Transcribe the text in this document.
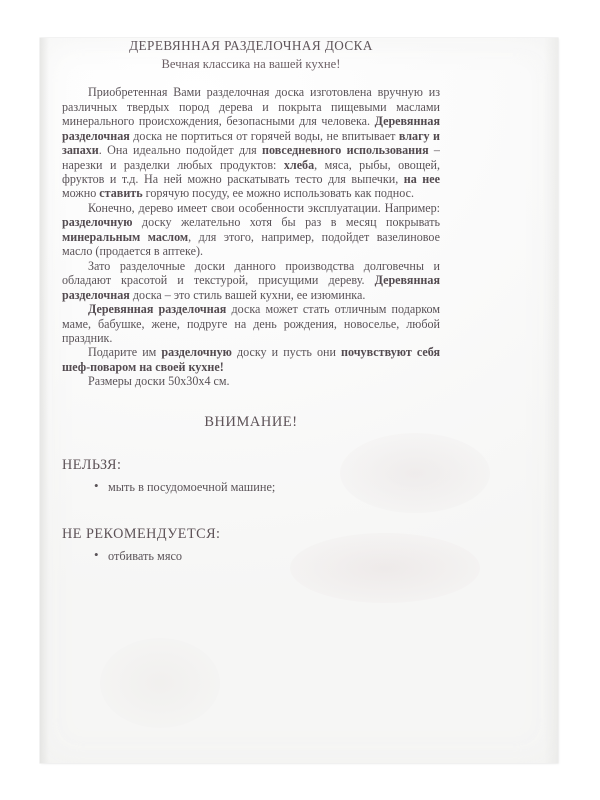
ДЕРЕВЯННАЯ РАЗДЕЛОЧНАЯ ДОСКА
Вечная классика на вашей кухне!

Приобретенная Вами разделочная доска изготовлена вручную из различных твердых пород дерева и покрыта пищевыми маслами минерального происхождения, безопасными для человека. Деревянная разделочная доска не портиться от горячей воды, не впитывает влагу и запахи. Она идеально подойдет для повседневного использования – нарезки и разделки любых продуктов: хлеба, мяса, рыбы, овощей, фруктов и т.д. На ней можно раскатывать тесто для выпечки, на нее можно ставить горячую посуду, ее можно использовать как поднос.

Конечно, дерево имеет свои особенности эксплуатации. Например: разделочную доску желательно хотя бы раз в месяц покрывать минеральным маслом, для этого, например, подойдет вазелиновое масло (продается в аптеке).

Зато разделочные доски данного производства долговечны и обладают красотой и текстурой, присущими дереву. Деревянная разделочная доска – это стиль вашей кухни, ее изюминка.

Деревянная разделочная доска может стать отличным подарком маме, бабушке, жене, подруге на день рождения, новоселье, любой праздник.

Подарите им разделочную доску и пусть они почувствуют себя шеф-поваром на своей кухне!

Размеры доски 50x30x4 см.

ВНИМАНИЕ!
НЕЛЬЗЯ:
• мыть в посудомоечной машине;
НЕ РЕКОМЕНДУЕТСЯ:
• отбивать мясо
